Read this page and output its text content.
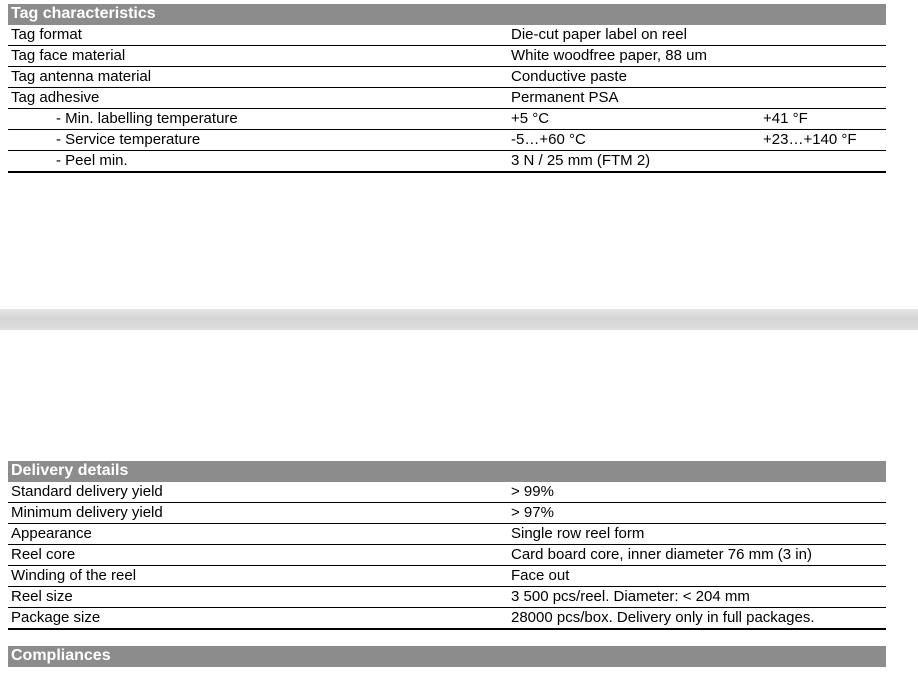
Tag characteristics
Tag format	Die-cut paper label on reel
Tag face material	White woodfree paper, 88 um
Tag antenna material	Conductive paste
Tag adhesive	Permanent PSA
- Min. labelling temperature	+5 °C	+41 °F
- Service temperature	-5…+60 °C	+23…+140 °F
- Peel min.	3 N / 25 mm (FTM 2)
Delivery details
Standard delivery yield	> 99%
Minimum delivery yield	> 97%
Appearance	Single row reel form
Reel core	Card board core, inner diameter 76 mm (3 in)
Winding of the reel	Face out
Reel size	3 500 pcs/reel. Diameter: < 204 mm
Package size	28000 pcs/box. Delivery only in full packages.
Compliances
